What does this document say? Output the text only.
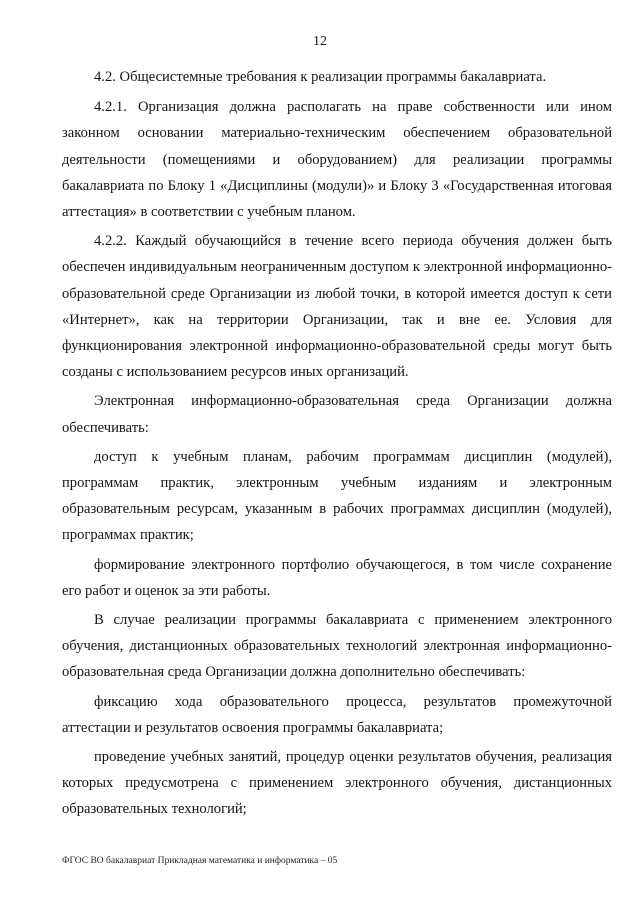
12

4.2. Общесистемные требования к реализации программы бакалавриата.

4.2.1. Организация должна располагать на праве собственности или ином законном основании материально-техническим обеспечением образовательной деятельности (помещениями и оборудованием) для реализации программы бакалавриата по Блоку 1 «Дисциплины (модули)» и Блоку 3 «Государственная итоговая аттестация» в соответствии с учебным планом.

4.2.2. Каждый обучающийся в течение всего периода обучения должен быть обеспечен индивидуальным неограниченным доступом к электронной информационно-образовательной среде Организации из любой точки, в которой имеется доступ к сети «Интернет», как на территории Организации, так и вне ее. Условия для функционирования электронной информационно-образовательной среды могут быть созданы с использованием ресурсов иных организаций.

Электронная информационно-образовательная среда Организации должна обеспечивать:

доступ к учебным планам, рабочим программам дисциплин (модулей), программам практик, электронным учебным изданиям и электронным образовательным ресурсам, указанным в рабочих программах дисциплин (модулей), программах практик;

формирование электронного портфолио обучающегося, в том числе сохранение его работ и оценок за эти работы.

В случае реализации программы бакалавриата с применением электронного обучения, дистанционных образовательных технологий электронная информационно-образовательная среда Организации должна дополнительно обеспечивать:

фиксацию хода образовательного процесса, результатов промежуточной аттестации и результатов освоения программы бакалавриата;

проведение учебных занятий, процедур оценки результатов обучения, реализация которых предусмотрена с применением электронного обучения, дистанционных образовательных технологий;

ФГОС ВО бакалавриат Прикладная математика и информатика – 05
